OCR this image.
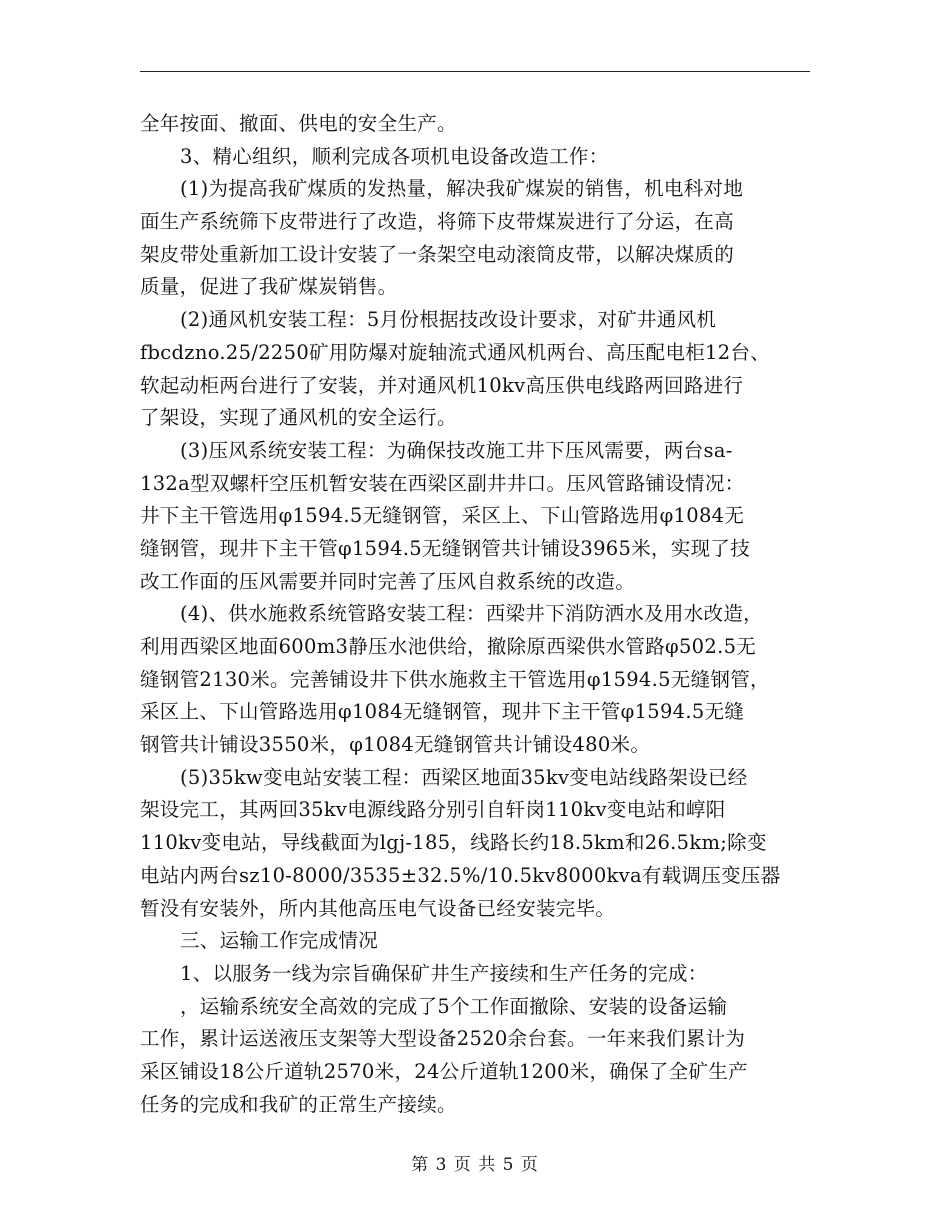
全年按面、撤面、供电的安全生产。
3、精心组织，顺利完成各项机电设备改造工作：
(1)为提高我矿煤质的发热量，解决我矿煤炭的销售，机电科对地
面生产系统筛下皮带进行了改造，将筛下皮带煤炭进行了分运，在高
架皮带处重新加工设计安装了一条架空电动滚筒皮带，以解决煤质的
质量，促进了我矿煤炭销售。
(2)通风机安装工程：5月份根据技改设计要求，对矿井通风机
fbcdzno.25/2250矿用防爆对旋轴流式通风机两台、高压配电柜12台、
软起动柜两台进行了安装，并对通风机10kv高压供电线路两回路进行
了架设，实现了通风机的安全运行。
(3)压风系统安装工程：为确保技改施工井下压风需要，两台sa-
132a型双螺杆空压机暂安装在西梁区副井井口。压风管路铺设情况：
井下主干管选用φ1594.5无缝钢管，采区上、下山管路选用φ1084无
缝钢管，现井下主干管φ1594.5无缝钢管共计铺设3965米，实现了技
改工作面的压风需要并同时完善了压风自救系统的改造。
(4)、供水施救系统管路安装工程：西梁井下消防洒水及用水改造，
利用西梁区地面600m3静压水池供给，撤除原西梁供水管路φ502.5无
缝钢管2130米。完善铺设井下供水施救主干管选用φ1594.5无缝钢管，
采区上、下山管路选用φ1084无缝钢管，现井下主干管φ1594.5无缝
钢管共计铺设3550米，φ1084无缝钢管共计铺设480米。
(5)35kw变电站安装工程：西梁区地面35kv变电站线路架设已经
架设完工，其两回35kv电源线路分别引自轩岗110kv变电站和崞阳
110kv变电站，导线截面为lgj-185，线路长约18.5km和26.5km;除变
电站内两台sz10-8000/3535±32.5%/10.5kv8000kva有载调压变压器
暂没有安装外，所内其他高压电气设备已经安装完毕。
三、运输工作完成情况
1、以服务一线为宗旨确保矿井生产接续和生产任务的完成：
，运输系统安全高效的完成了5个工作面撤除、安装的设备运输
工作，累计运送液压支架等大型设备2520余台套。一年来我们累计为
采区铺设18公斤道轨2570米，24公斤道轨1200米，确保了全矿生产
任务的完成和我矿的正常生产接续。
第 3 页 共 5 页
